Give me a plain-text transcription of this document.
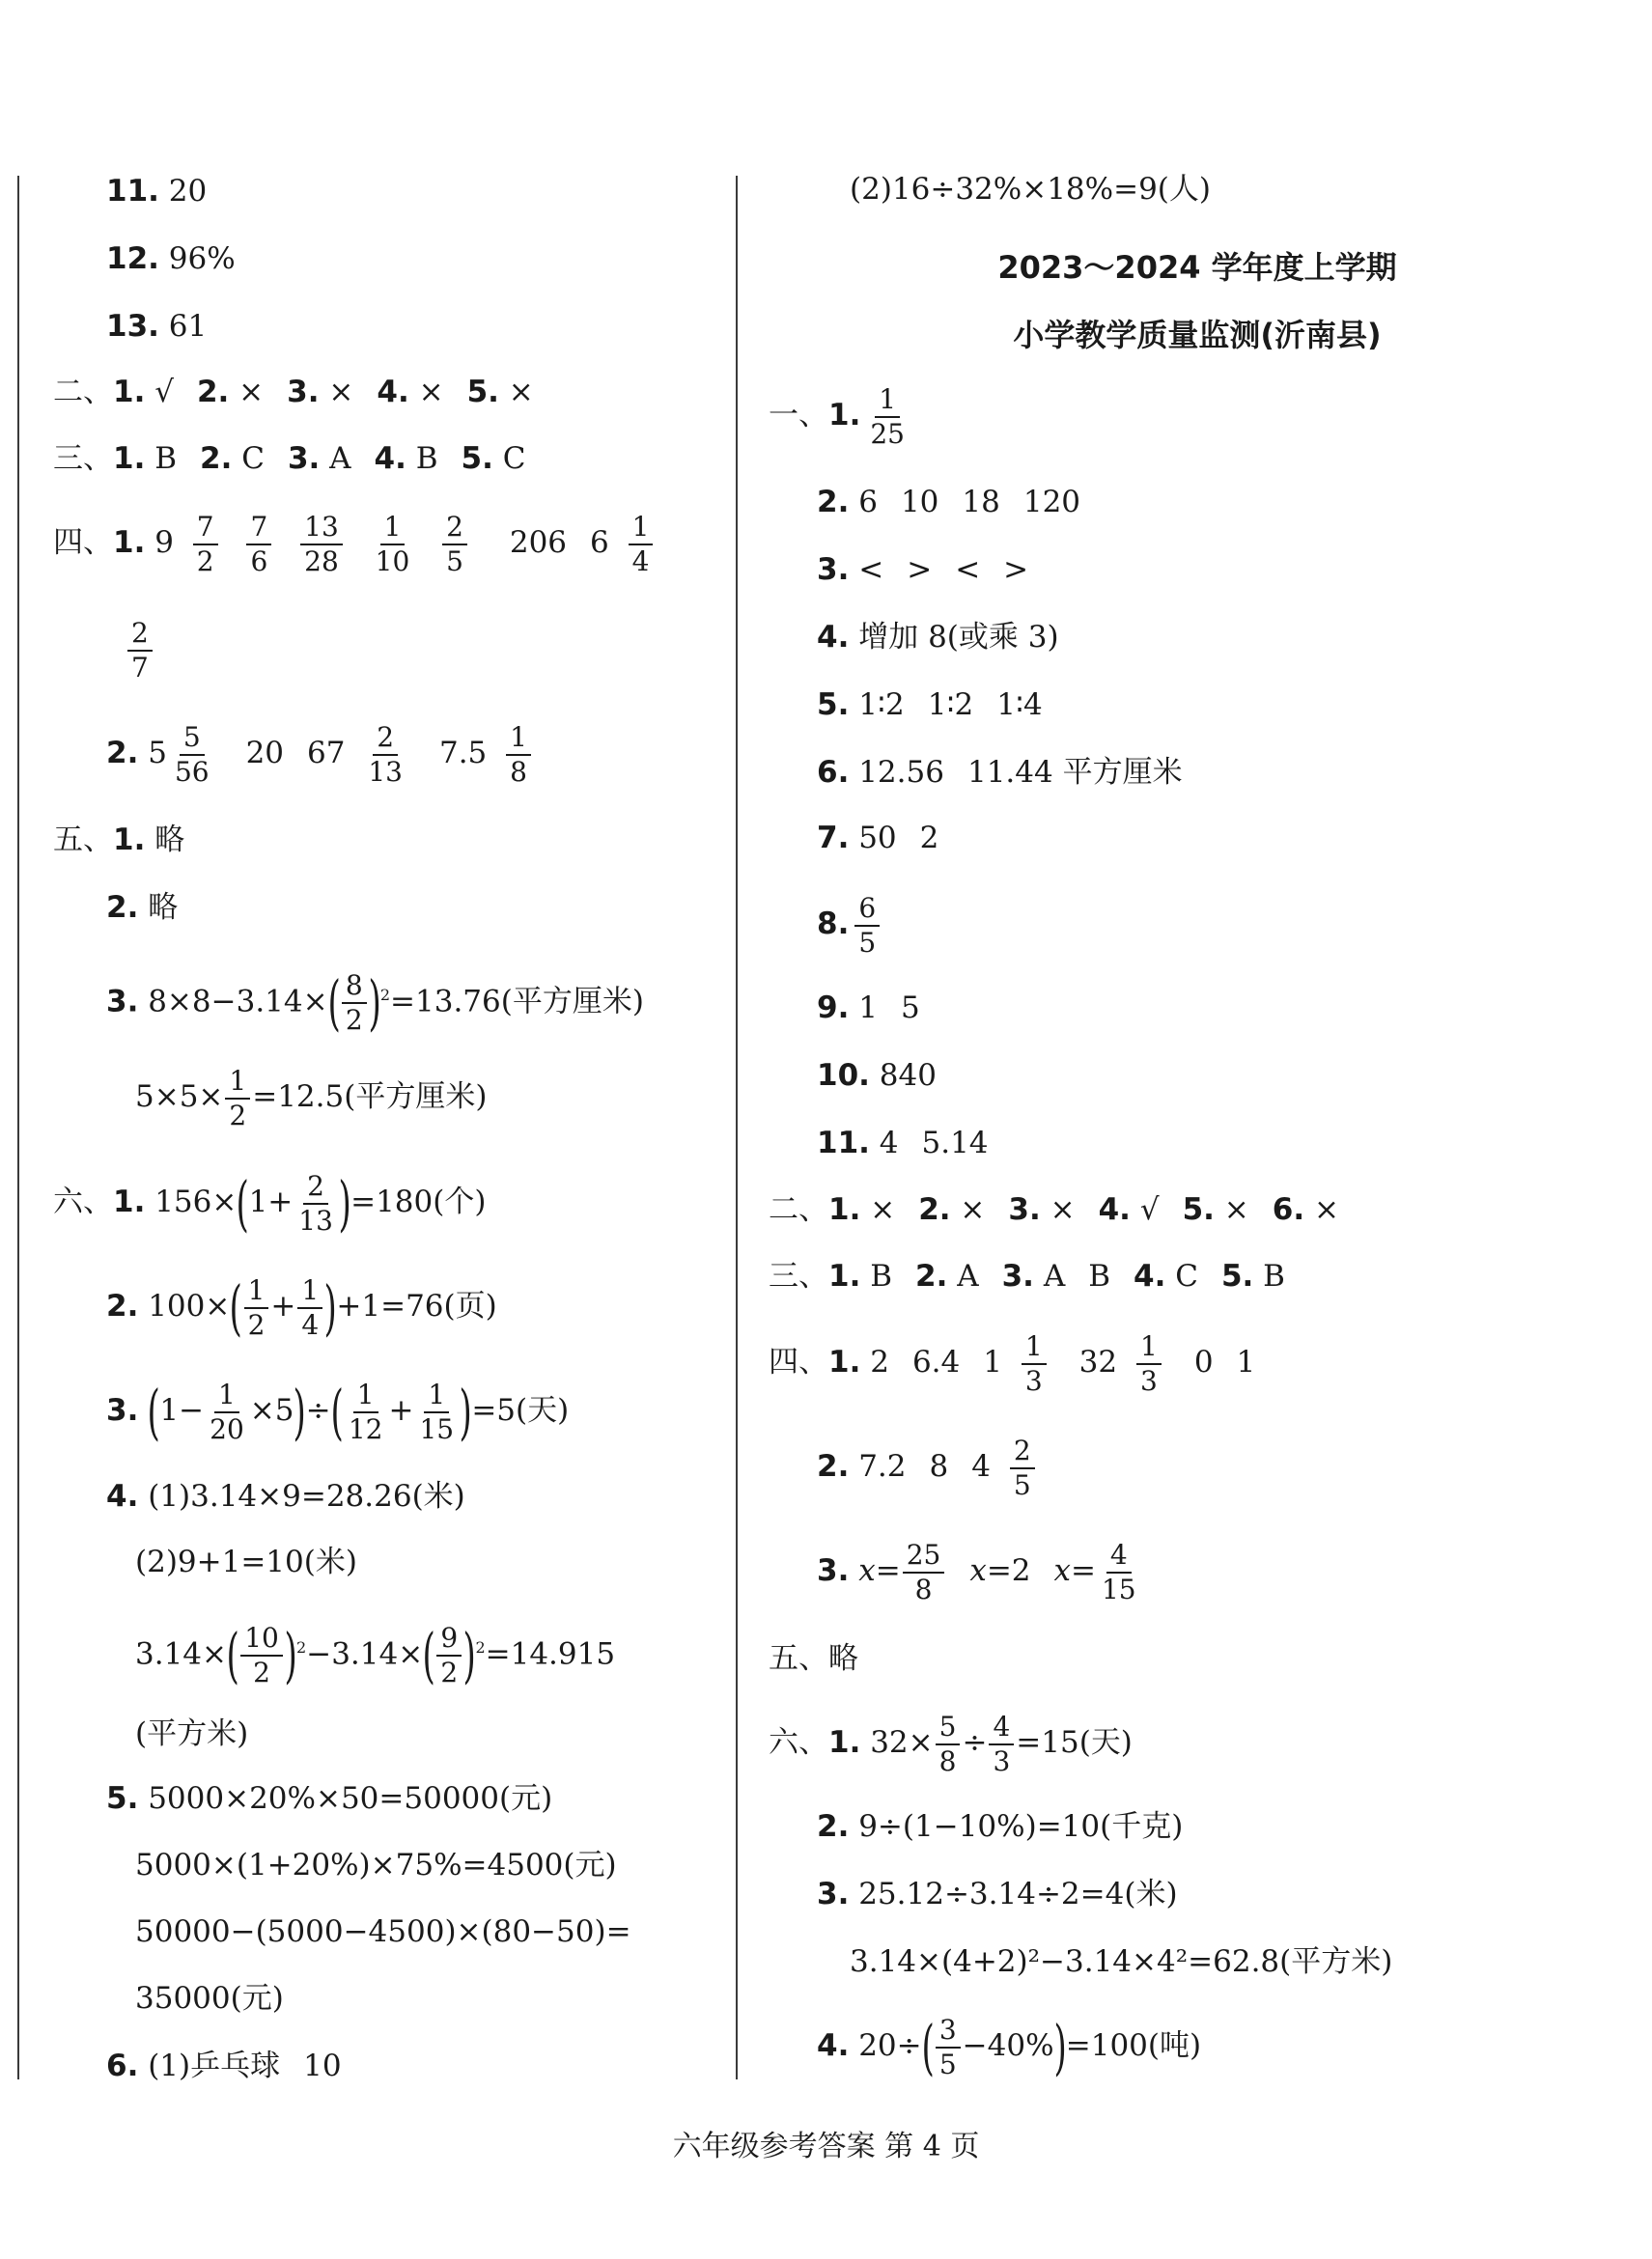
11. 20
12. 96%
13. 61
二、1. √ 2. × 3. × 4. × 5. ×
三、1. B 2. C 3. A 4. B 5. C
四、1. $9 \frac{7}{2}$
$\frac{7}{6}$
$\frac{13}{28}$
$\frac{1}{10}$
$\frac{2}{5} 206$ $6 \frac{1}{4}$
$\frac{2}{7}$
2. $5 \frac{5}{56} 20$ $67 \frac{2}{13} 7.5 \frac{1}{8}$
五、1. 略
2. 略
3. $8\times 8-3.14\times( \frac{8}{2} )^2=13.76$(平方厘米)
$5\times 5\times \frac{1}{2} =12.5$(平方厘米)
六、1. $156\times(1+ \frac{2}{13} )=180$(个)
2. $100\times( \frac{1}{2} + \frac{1}{4} )+1=76$(页)
3. $(1- \frac{1}{20} \times 5)\div( \frac{1}{12} + \frac{1}{15} )=5$(天)
4. (1)3.14×9=28.26(米)
(2)9+1=10(米)
$3.14\times( \frac{10}{2} )^2-3.14\times( \frac{9}{2} )^2=14.915$
(平方米)
5. 5000×20%×50=50000(元)
5000×(1+20%)×75%=4500(元)
50000−(5000−4500)×(80−50)=
35000(元)
6. (1)乒乓球 10
(2)16÷32%×18%=9(人)
2023～2024 学年度上学期
小学教学质量监测(沂南县)
一、1. $\frac{1}{25}$
2. 6 10 18 120
3. < > < >
4. 增加 8(或乘 3)
5. 1∶2 1∶2 1∶4
6. 12.56 11.44 平方厘米
7. 50 2
8. $\frac{6}{5}$
9. 1 5
10. 840
11. 4 5.14
二、1. × 2. × 3. × 4. √ 5. × 6. ×
三、1. B 2. A 3. A B 4. C 5. B
四、1. 2 6.4 $1 \frac{1}{3} 32 \frac{1}{3} 0$ 1
2. 7.2 8 $4 \frac{2}{5}$
3. $x= \frac{25}{8} x=2$ $x= \frac{4}{15}$
五、略
六、1. $32\times \frac{5}{8} \div \frac{4}{3} =15$(天)
2. 9÷(1−10%)=10(千克)
3. 25.12÷3.14÷2=4(米)
3.14×(4+2)²−3.14×4²=62.8(平方米)
4. $20\div( \frac{3}{5} -40\%)=100$(吨)
六年级参考答案 第 4 页
